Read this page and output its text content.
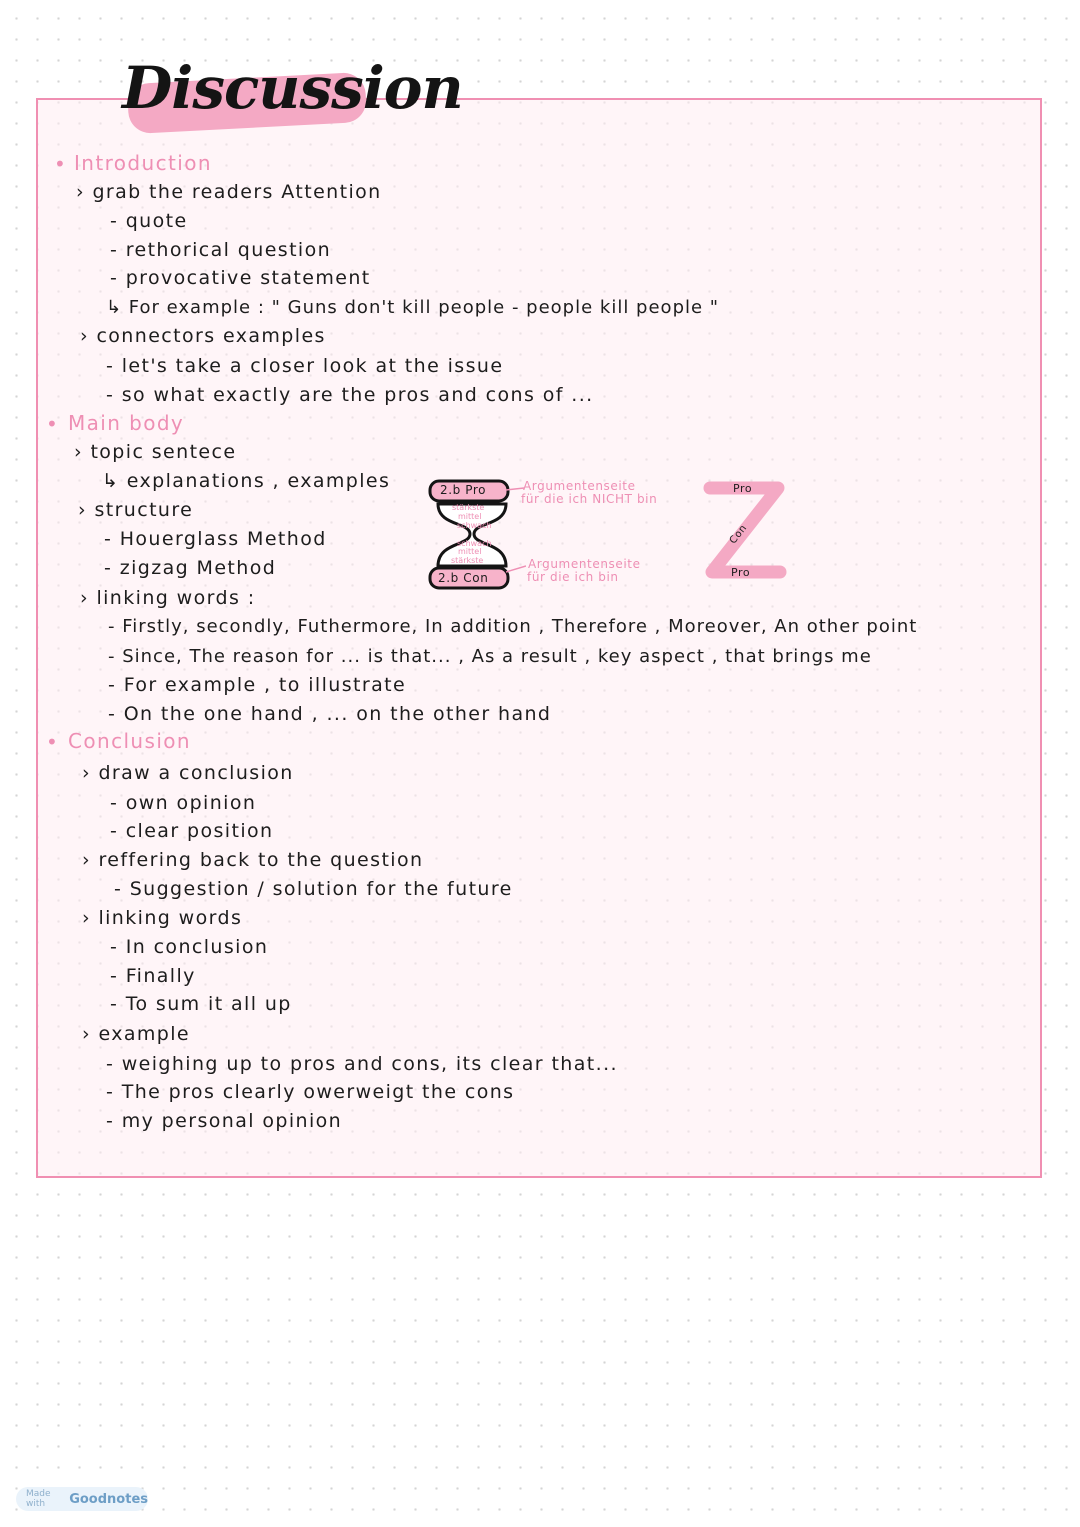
Discussion
• Introduction
› grab the readers Attention
- quote
- rethorical question
- provocative statement
↳ For example : " Guns don't kill people - people kill people "
› connectors examples
- let's take a closer look at the issue
- so what exactly are the pros and cons of ...
• Main body
› topic sentece
↳ explanations , examples
› structure
- Houerglass Method
- zigzag Method
› linking words :
- Firstly, secondly, Futhermore, In addition , Therefore , Moreover, An other point
- Since, The reason for ... is that... , As a result , key aspect , that brings me
- For example , to illustrate
- On the one hand , ... on the other hand
2.b Pro
2.b Con
stärkste
mittel
schwach
schwach
mittel
stärkste
Argumentenseite
für die ich NICHT bin
Argumentenseite
für die ich bin
Pro
Con
Pro
• Conclusion
› draw a conclusion
- own opinion
- clear position
› reffering back to the question
- Suggestion / solution for the future
› linking words
- In conclusion
- Finally
- To sum it all up
› example
- weighing up to pros and cons, its clear that...
- The pros clearly owerweigt the cons
- my personal opinion
Made with	Goodnotes
